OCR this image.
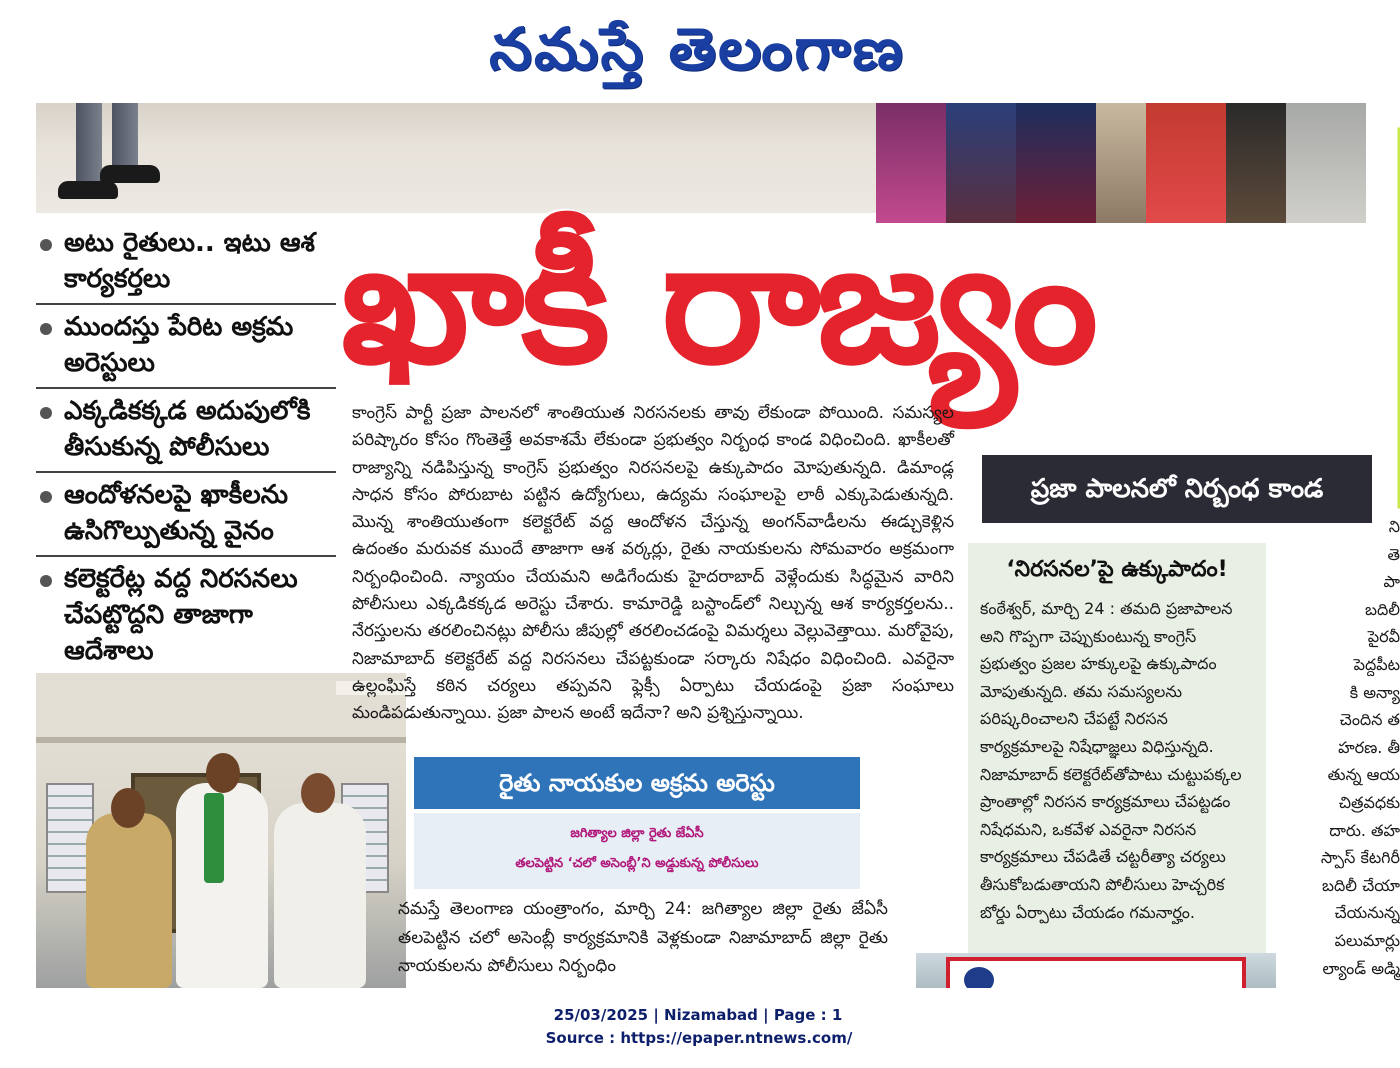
నమస్తే తెలంగాణ
ఖాకీ రాజ్యం
అటు రైతులు.. ఇటు ఆశ కార్యకర్తలు
ముందస్తు పేరిట అక్రమ అరెస్టులు
ఎక్కడికక్కడ అదుపులోకి తీసుకున్న పోలీసులు
ఆందోళనలపై ఖాకీలను ఉసిగొల్పుతున్న వైనం
కలెక్టరేట్ల వద్ద నిరసనలు చేపట్టొద్దని తాజాగా ఆదేశాలు
కాంగ్రెస్ పార్టీ ప్రజా పాలనలో శాంతియుత నిరసనలకు తావు లేకుండా పోయింది. సమస్యల పరిష్కారం కోసం గొంతెత్తే అవకాశమే లేకుండా ప్రభుత్వం నిర్బంధ కాండ విధించింది. ఖాకీలతో రాజ్యాన్ని నడిపిస్తున్న కాంగ్రెస్ ప్రభుత్వం నిరసనలపై ఉక్కుపాదం మోపుతున్నది. డిమాండ్ల సాధన కోసం పోరుబాట పట్టిన ఉద్యోగులు, ఉద్యమ సంఘాలపై లాఠీ ఎక్కుపెడుతున్నది. మొన్న శాంతియుతంగా కలెక్టరేట్ వద్ద ఆందోళన చేస్తున్న అంగన్‌వాడీలను ఈడ్చుకెళ్లిన ఉదంతం మరువక ముందే తాజాగా ఆశ వర్కర్లు, రైతు నాయకులను సోమవారం అక్రమంగా నిర్బంధించింది. న్యాయం చేయమని అడిగేందుకు హైదరాబాద్ వెళ్లేందుకు సిద్ధమైన వారిని పోలీసులు ఎక్కడికక్కడ అరెస్టు చేశారు. కామారెడ్డి బస్టాండ్‌లో నిల్చున్న ఆశ కార్యకర్తలను.. నేరస్తులను తరలించినట్లు పోలీసు జీపుల్లో తరలించడంపై విమర్శలు వెల్లువెత్తాయి. మరోవైపు, నిజామాబాద్ కలెక్టరేట్ వద్ద నిరసనలు చేపట్టకుండా సర్కారు నిషేధం విధించింది. ఎవరైనా ఉల్లంఘిస్తే కఠిన చర్యలు తప్పవని ఫ్లెక్సీ ఏర్పాటు చేయడంపై ప్రజా సంఘాలు మండిపడుతున్నాయి. ప్రజా పాలన అంటే ఇదేనా? అని ప్రశ్నిస్తున్నాయి.
ప్రజా పాలనలో నిర్బంధ కాండ
‘నిరసనల’పై ఉక్కుపాదం!

కంఠేశ్వర్, మార్చి 24 : తమది ప్రజాపాలన అని గొప్పగా చెప్పుకుంటున్న కాంగ్రెస్ ప్రభుత్వం ప్రజల హక్కులపై ఉక్కుపాదం మోపుతున్నది. తమ సమస్యలను పరిష్కరించాలని చేపట్టే నిరసన కార్యక్రమాలపై నిషేధాజ్ఞలు విధిస్తున్నది. నిజామాబాద్ కలెక్టరేట్‌తోపాటు చుట్టుపక్కల ప్రాంతాల్లో నిరసన కార్యక్రమాలు చేపట్టడం నిషేధమని, ఒకవేళ ఎవరైనా నిరసన కార్యక్రమాలు చేపడితే చట్టరీత్యా చర్యలు తీసుకోబడుతాయని పోలీసులు హెచ్చరిక బోర్డు ఏర్పాటు చేయడం గమనార్హం.

ని
తె
పా
బదిలీ
పైరవీ
పెద్దపీట
కి అన్యా
చెందిన త
హరణ. తీ
తున్న ఆయ
చిత్రవధకు
దారు. తహ
స్పాస్ కేటగిరీ
బదిలీ చేయా
చేయనున్న
పలుమార్లు
ల్యాండ్ అడ్మి
రైతు నాయకుల అక్రమ అరెస్టు
జగిత్యాల జిల్లా రైతు జేఏసీ
తలపెట్టిన ‘చలో అసెంబ్లీ’ని అడ్డుకున్న పోలీసులు
నమస్తే తెలంగాణ యంత్రాంగం, మార్చి 24: జగిత్యాల జిల్లా రైతు జేఏసీ తలపెట్టిన చలో అసెంబ్లీ కార్యక్రమానికి వెళ్లకుండా నిజామాబాద్ జిల్లా రైతు నాయకులను పోలీసులు నిర్బంధిం
25/03/2025 | Nizamabad | Page : 1
Source : https://epaper.ntnews.com/
